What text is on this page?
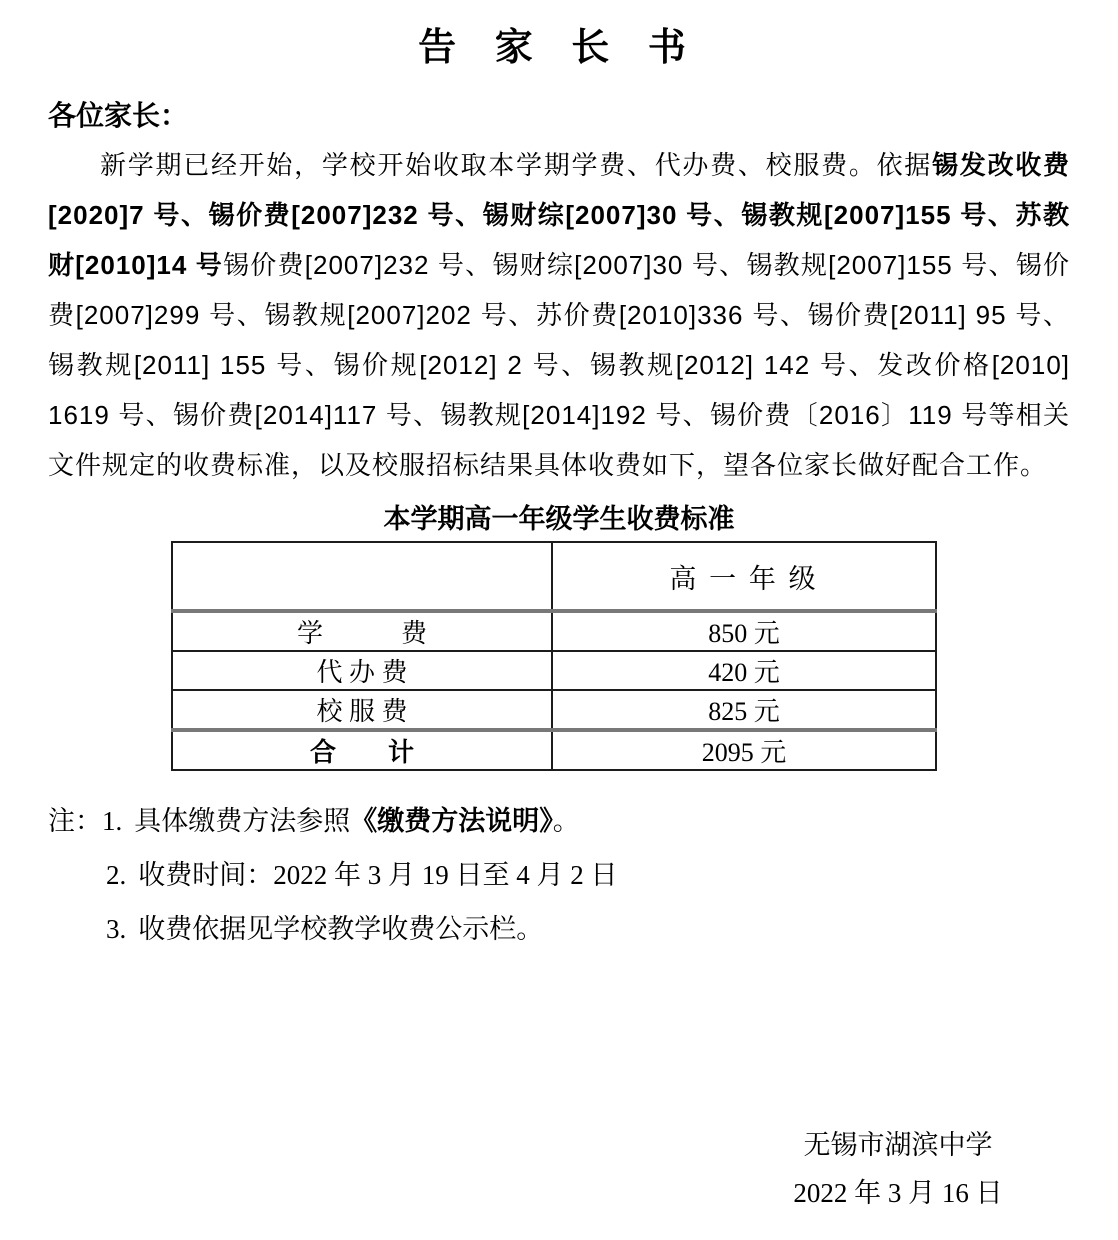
告 家 长 书
各位家长：

新学期已经开始，学校开始收取本学期学费、代办费、校服费。依据锡发改收费[2020]7 号、锡价费[2007]232 号、锡财综[2007]30 号、锡教规[2007]155 号、苏教财[2010]14 号锡价费[2007]232 号、锡财综[2007]30 号、锡教规[2007]155 号、锡价费[2007]299 号、锡教规[2007]202 号、苏价费[2010]336 号、锡价费[2011] 95 号、锡教规[2011] 155 号、锡价规[2012] 2 号、锡教规[2012] 142 号、发改价格[2010] 1619 号、锡价费[2014]117 号、锡教规[2014]192 号、锡价费〔2016〕119 号等相关文件规定的收费标准，以及校服招标结果具体收费如下，望各位家长做好配合工作。

本学期高一年级学生收费标准
	高 一 年 级
学　　　费	850 元
代 办 费	420 元
校 服 费	825 元
合　　计	2095 元
注：1. 具体缴费方法参照《缴费方法说明》。
2. 收费时间：2022 年 3 月 19 日至 4 月 2 日
3. 收费依据见学校教学收费公示栏。
无锡市湖滨中学
2022 年 3 月 16 日
